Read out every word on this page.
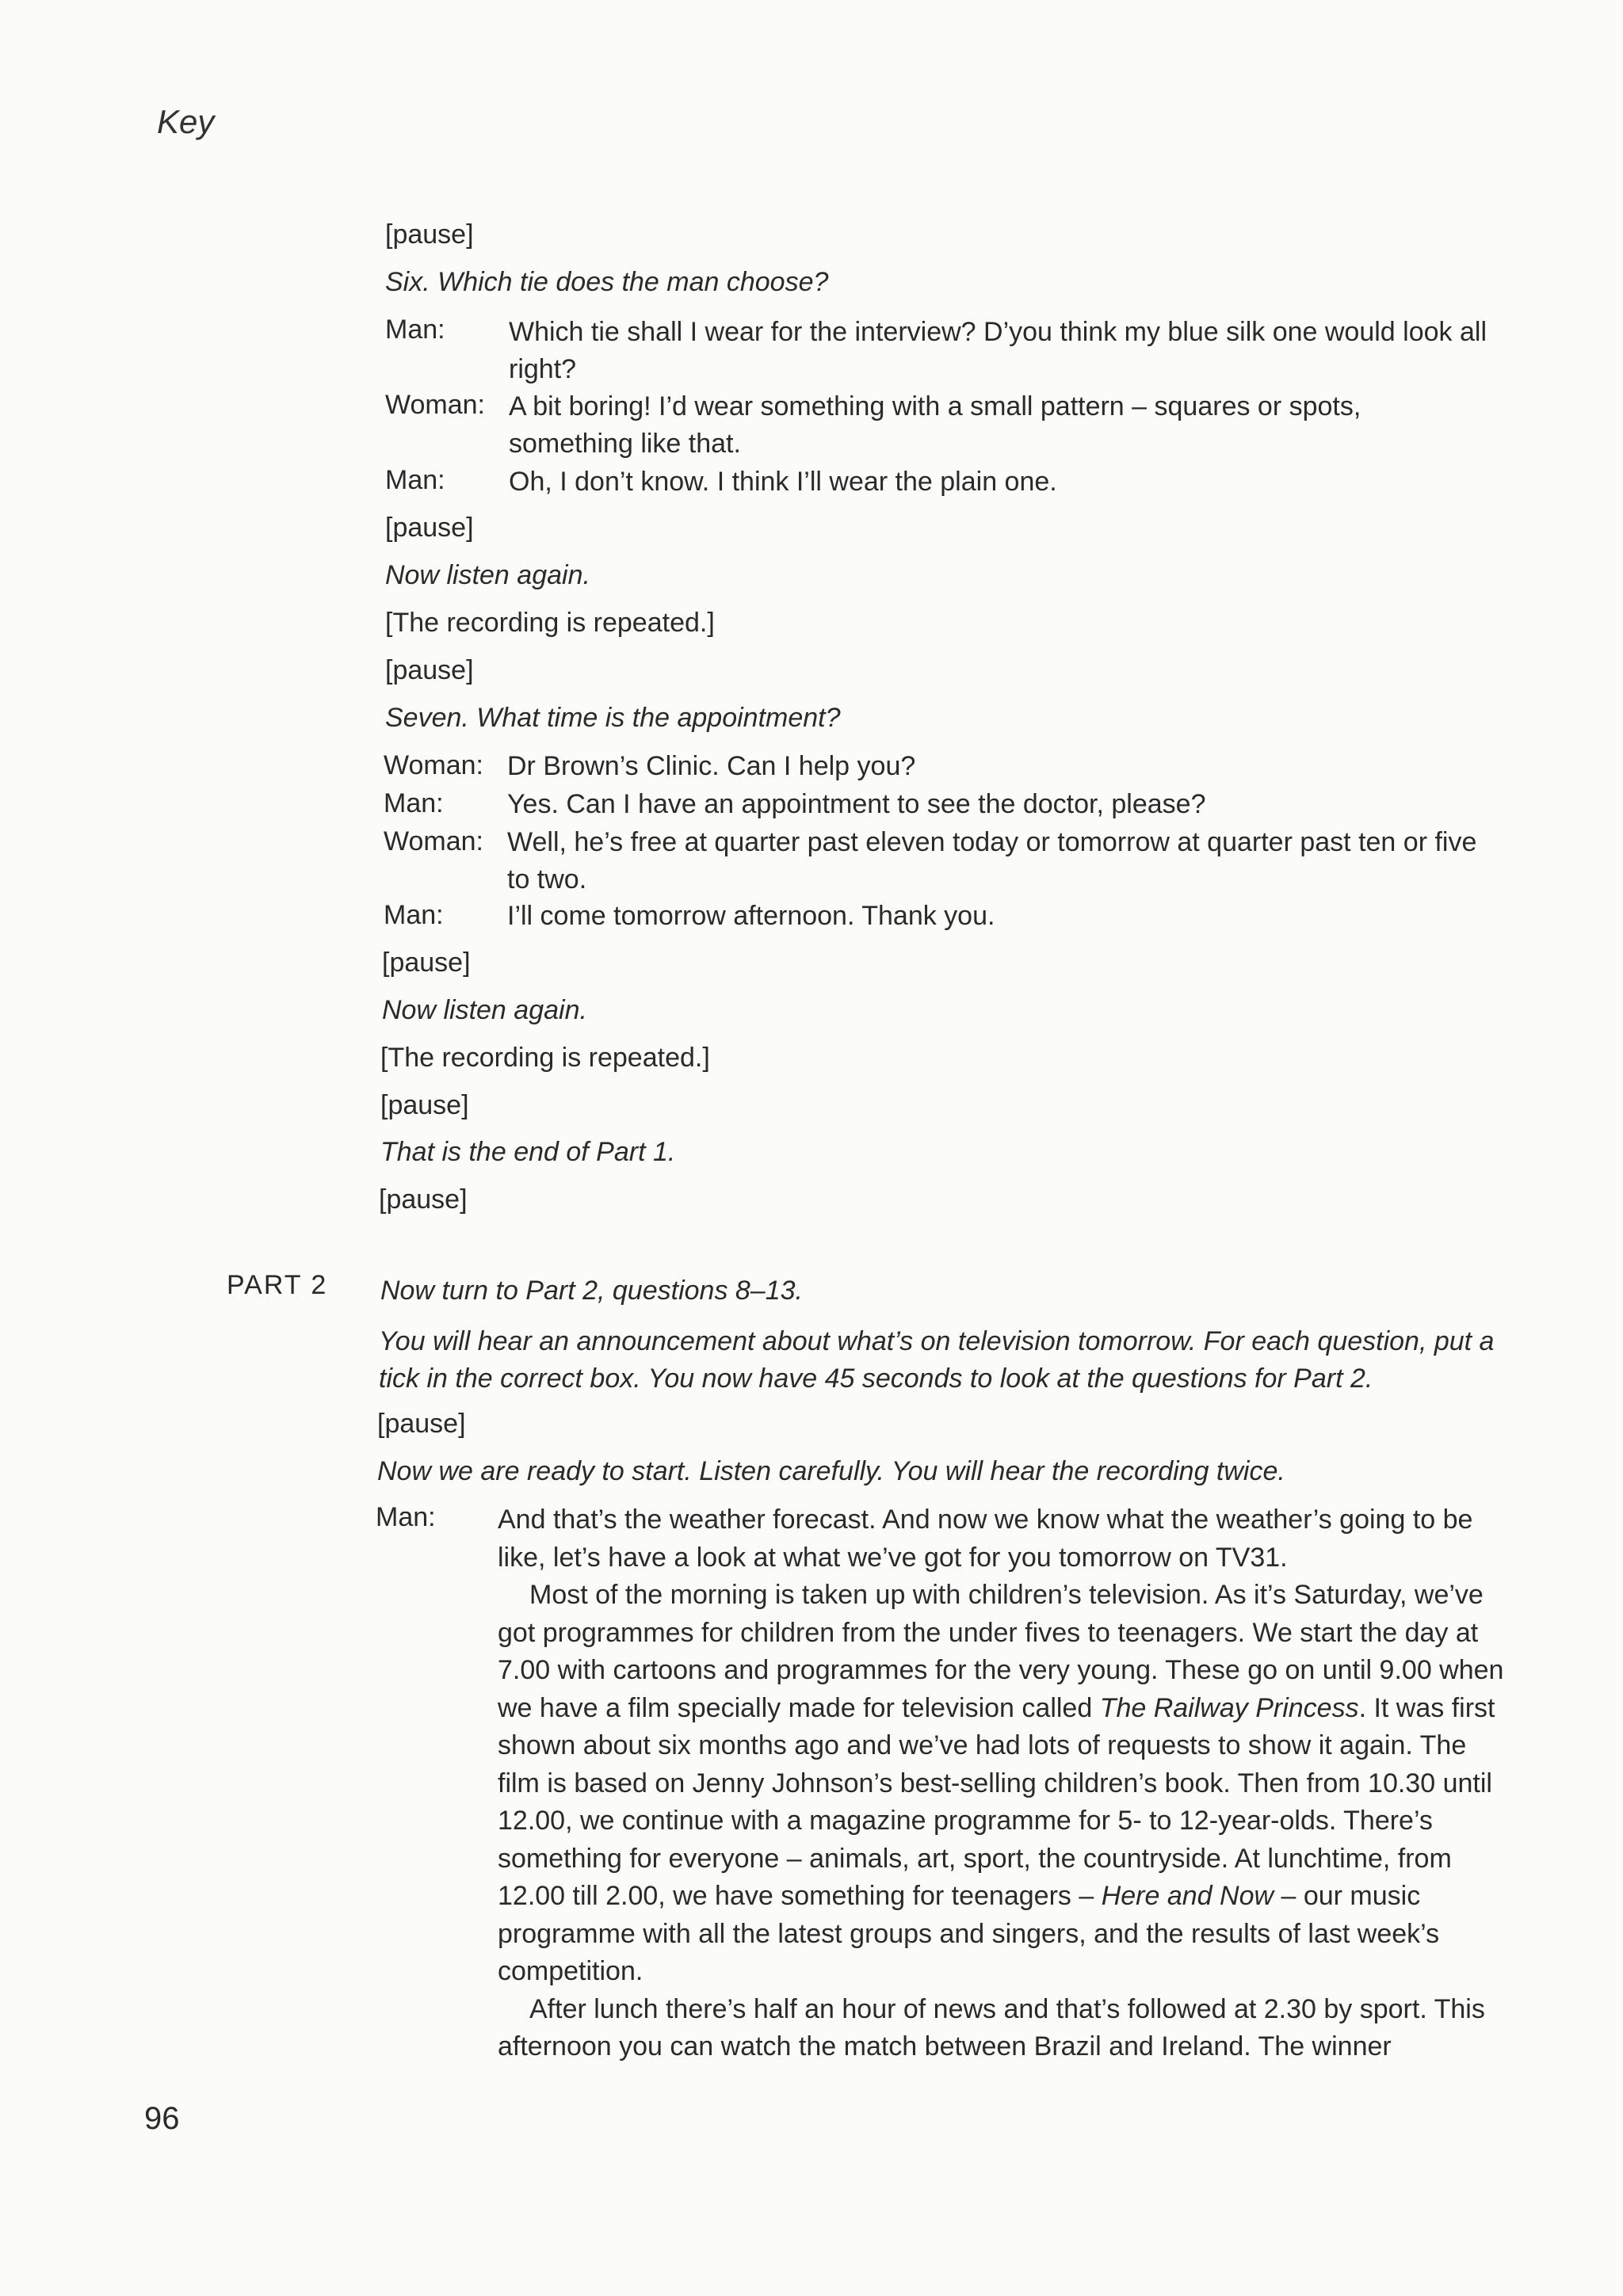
Key
[pause]
Six. Which tie does the man choose?
Man: Which tie shall I wear for the interview? D’you think my blue silk one would look all right?
Woman: A bit boring! I’d wear something with a small pattern – squares or spots, something like that.
Man: Oh, I don’t know. I think I’ll wear the plain one.
[pause]
Now listen again.
[The recording is repeated.]
[pause]
Seven. What time is the appointment?
Woman: Dr Brown’s Clinic. Can I help you?
Man: Yes. Can I have an appointment to see the doctor, please?
Woman: Well, he’s free at quarter past eleven today or tomorrow at quarter past ten or five to two.
Man: I’ll come tomorrow afternoon. Thank you.
[pause]
Now listen again.
[The recording is repeated.]
[pause]
That is the end of Part 1.
[pause]
PART 2 Now turn to Part 2, questions 8–13.
You will hear an announcement about what’s on television tomorrow. For each question, put a tick in the correct box. You now have 45 seconds to look at the questions for Part 2.
[pause]
Now we are ready to start. Listen carefully. You will hear the recording twice.
Man: And that’s the weather forecast. And now we know what the weather’s going to be like, let’s have a look at what we’ve got for you tomorrow on TV31.

Most of the morning is taken up with children’s television. As it’s Saturday, we’ve got programmes for children from the under fives to teenagers. We start the day at 7.00 with cartoons and programmes for the very young. These go on until 9.00 when we have a film specially made for television called The Railway Princess. It was first shown about six months ago and we’ve had lots of requests to show it again. The film is based on Jenny Johnson’s best-selling children’s book. Then from 10.30 until 12.00, we continue with a magazine programme for 5- to 12-year-olds. There’s something for everyone – animals, art, sport, the countryside. At lunchtime, from 12.00 till 2.00, we have something for teenagers – Here and Now – our music programme with all the latest groups and singers, and the results of last week’s competition.

After lunch there’s half an hour of news and that’s followed at 2.30 by sport. This afternoon you can watch the match between Brazil and Ireland. The winner

96
